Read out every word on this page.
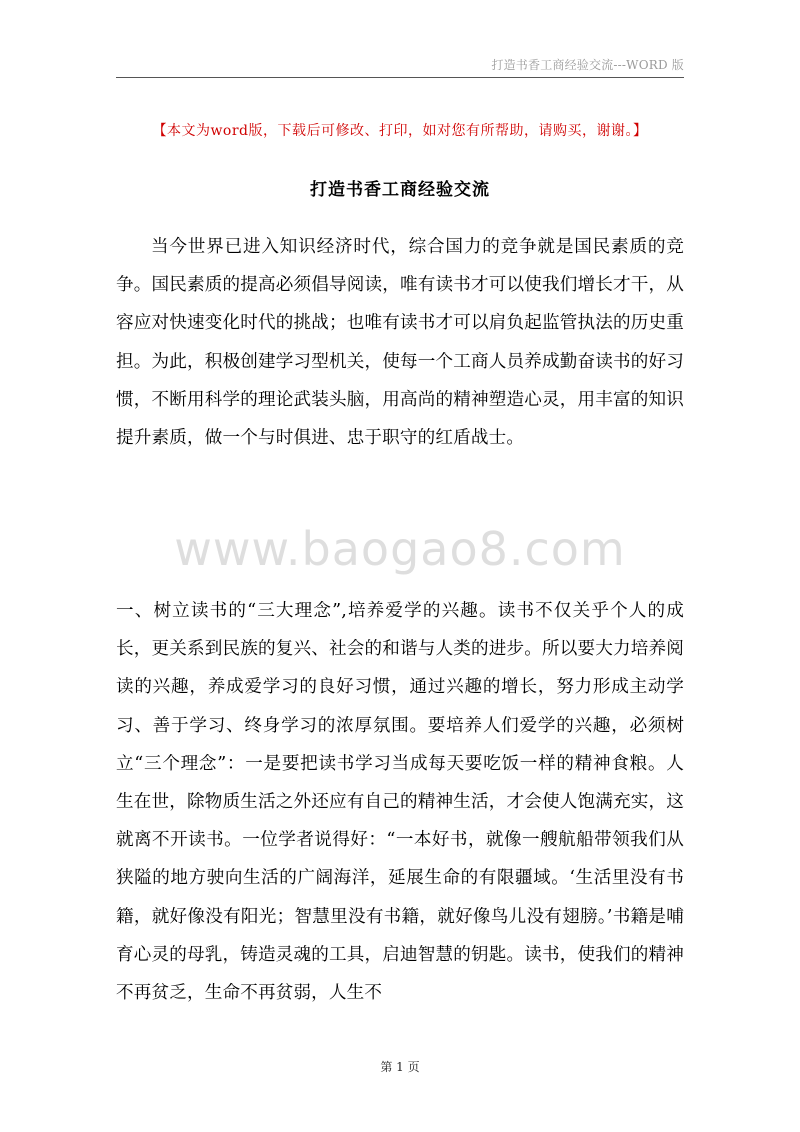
打造书香工商经验交流---WORD 版
【本文为word版，下载后可修改、打印，如对您有所帮助，请购买，谢谢。】
打造书香工商经验交流

当今世界已进入知识经济时代，综合国力的竞争就是国民素质的竞争。国民素质的提高必须倡导阅读，唯有读书才可以使我们增长才干，从容应对快速变化时代的挑战；也唯有读书才可以肩负起监管执法的历史重担。为此，积极创建学习型机关，使每一个工商人员养成勤奋读书的好习惯，不断用科学的理论武装头脑，用高尚的精神塑造心灵，用丰富的知识提升素质，做一个与时俱进、忠于职守的红盾战士。

www.baogao8.com

一、树立读书的“三大理念”,培养爱学的兴趣。读书不仅关乎个人的成长，更关系到民族的复兴、社会的和谐与人类的进步。所以要大力培养阅读的兴趣，养成爱学习的良好习惯，通过兴趣的增长，努力形成主动学习、善于学习、终身学习的浓厚氛围。要培养人们爱学的兴趣，必须树立“三个理念”：一是要把读书学习当成每天要吃饭一样的精神食粮。人生在世，除物质生活之外还应有自己的精神生活，才会使人饱满充实，这就离不开读书。一位学者说得好：“一本好书，就像一艘航船带领我们从狭隘的地方驶向生活的广阔海洋，延展生命的有限疆域。‘生活里没有书籍，就好像没有阳光；智慧里没有书籍，就好像鸟儿没有翅膀。’书籍是哺育心灵的母乳，铸造灵魂的工具，启迪智慧的钥匙。读书，使我们的精神不再贫乏，生命不再贫弱，人生不

第 1 页
